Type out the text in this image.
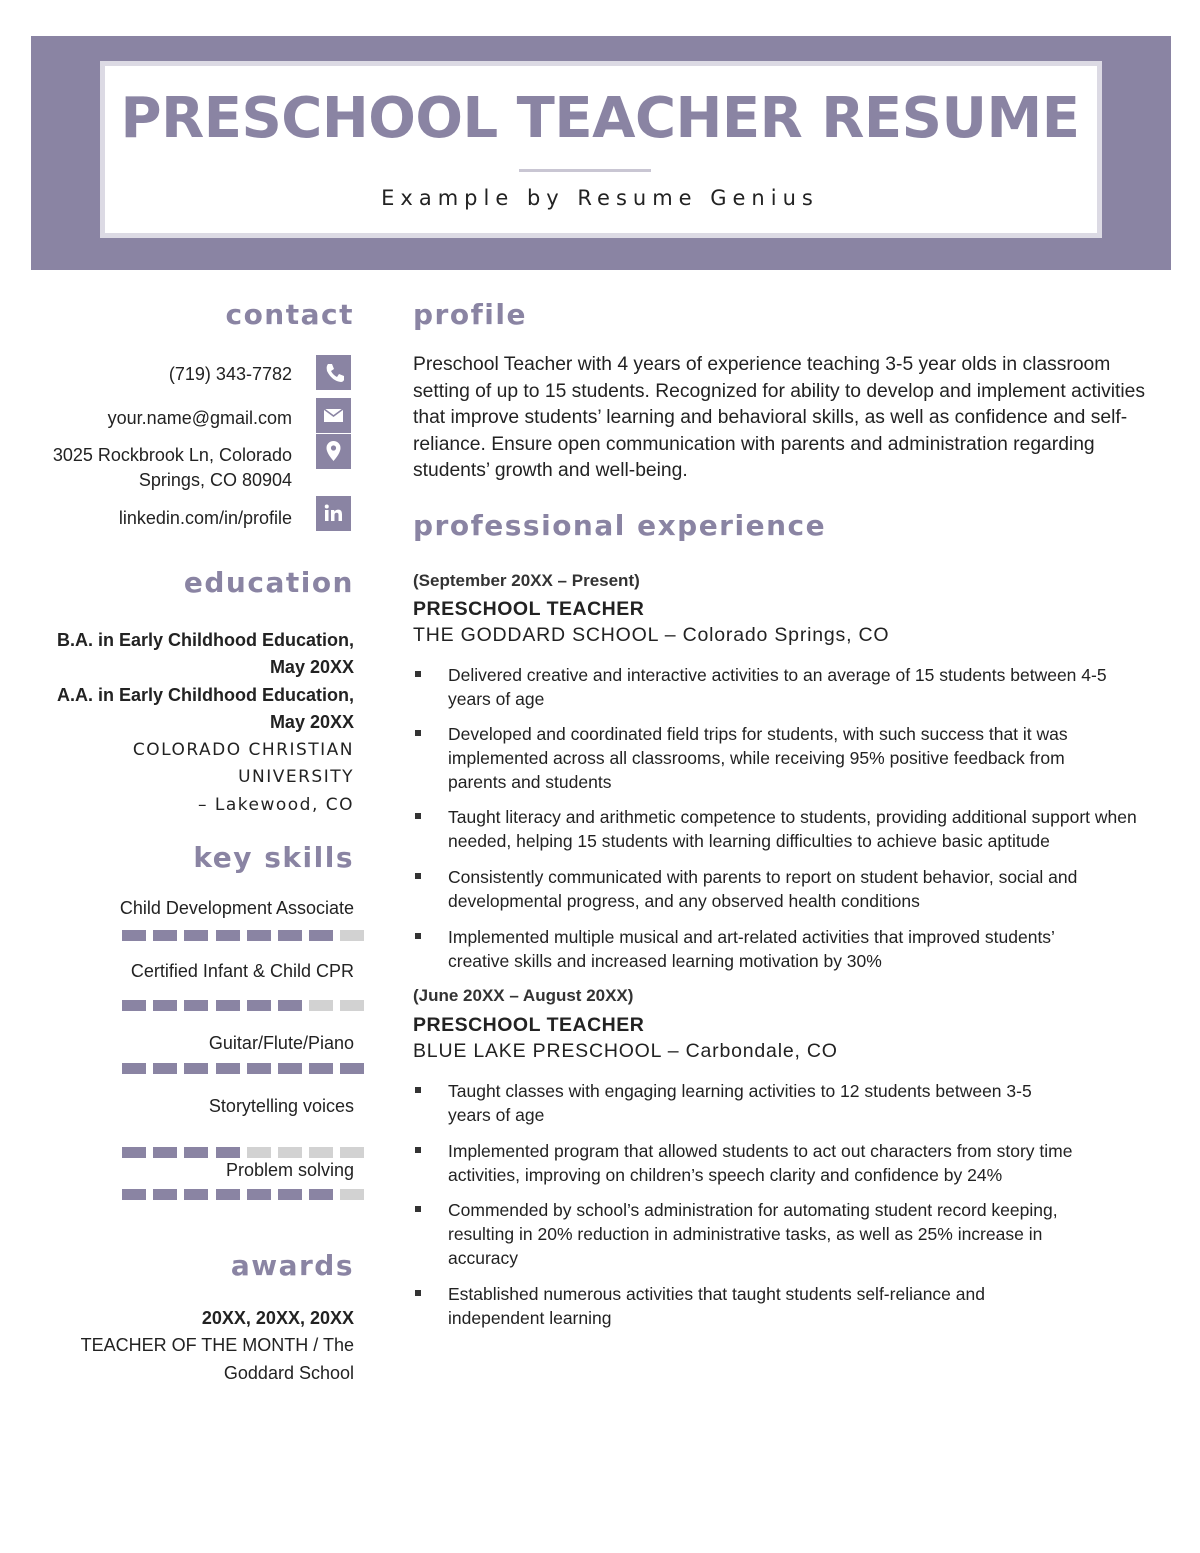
PRESCHOOL TEACHER RESUME
Example by Resume Genius
contact
(719) 343-7782
your.name@gmail.com
3025 Rockbrook Ln, Colorado
Springs, CO 80904
linkedin.com/in/profile
education
B.A. in Early Childhood Education,
May 20XX
A.A. in Early Childhood Education,
May 20XX
COLORADO CHRISTIAN
UNIVERSITY
– Lakewood, CO
key skills
Child Development Associate
Certified Infant & Child CPR
Guitar/Flute/Piano
Storytelling voices
Problem solving
awards
20XX, 20XX, 20XX
TEACHER OF THE MONTH / The
Goddard School
profile
Preschool Teacher with 4 years of experience teaching 3-5 year olds in classroom setting of up to 15 students. Recognized for ability to develop and implement activities that improve students’ learning and behavioral skills, as well as confidence and self-reliance. Ensure open communication with parents and administration regarding students’ growth and well-being.
professional experience
(September 20XX – Present)
PRESCHOOL TEACHER
THE GODDARD SCHOOL – Colorado Springs, CO
Delivered creative and interactive activities to an average of 15 students between 4-5 years of age
Developed and coordinated field trips for students, with such success that it was implemented across all classrooms, while receiving 95% positive feedback from parents and students
Taught literacy and arithmetic competence to students, providing additional support when needed, helping 15 students with learning difficulties to achieve basic aptitude
Consistently communicated with parents to report on student behavior, social and developmental progress, and any observed health conditions
Implemented multiple musical and art-related activities that improved students’ creative skills and increased learning motivation by 30%
(June 20XX – August 20XX)
PRESCHOOL TEACHER
BLUE LAKE PRESCHOOL – Carbondale, CO
Taught classes with engaging learning activities to 12 students between 3-5 years of age
Implemented program that allowed students to act out characters from story time activities, improving on children’s speech clarity and confidence by 24%
Commended by school’s administration for automating student record keeping, resulting in 20% reduction in administrative tasks, as well as 25% increase in accuracy
Established numerous activities that taught students self-reliance and independent learning
